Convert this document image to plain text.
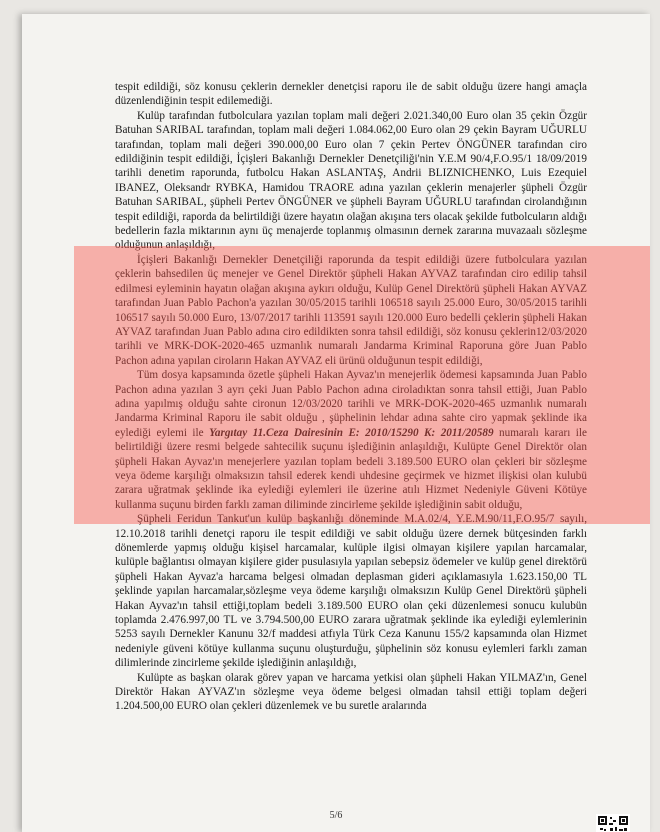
tespit edildiği, söz konusu çeklerin dernekler denetçisi raporu ile de sabit olduğu üzere hangi amaçla düzenlendiğinin tespit edilemediği.

Kulüp tarafından futbolculara yazılan toplam mali değeri 2.021.340,00 Euro olan 35 çekin Özgür Batuhan SARIBAL tarafından, toplam mali değeri 1.084.062,00 Euro olan 29 çekin Bayram UĞURLU tarafından, toplam mali değeri 390.000,00 Euro olan 7 çekin Pertev ÖNGÜNER tarafından ciro edildiğinin tespit edildiği, İçişleri Bakanlığı Dernekler Denetçiliği'nin Y.E.M 90/4,F.O.95/1 18/09/2019 tarihli denetim raporunda, futbolcu Hakan ASLANTAŞ, Andrii BLIZNICHENKO, Luis Ezequiel IBANEZ, Oleksandr RYBKA, Hamidou TRAORE adına yazılan çeklerin menajerler şüpheli Özgür Batuhan SARIBAL, şüpheli Pertev ÖNGÜNER ve şüpheli Bayram UĞURLU tarafından cirolandığının tespit edildiği, raporda da belirtildiği üzere hayatın olağan akışına ters olacak şekilde futbolcuların aldığı bedellerin fazla miktarının aynı üç menajerde toplanmış olmasının dernek zararına muvazaalı sözleşme olduğunun anlaşıldığı,

İçişleri Bakanlığı Dernekler Denetçiliği raporunda da tespit edildiği üzere futbolculara yazılan çeklerin bahsedilen üç menejer ve Genel Direktör şüpheli Hakan AYVAZ tarafından ciro edilip tahsil edilmesi eyleminin hayatın olağan akışına aykırı olduğu, Kulüp Genel Direktörü şüpheli Hakan AYVAZ tarafından Juan Pablo Pachon'a yazılan 30/05/2015 tarihli 106518 sayılı 25.000 Euro, 30/05/2015 tarihli 106517 sayılı 50.000 Euro, 13/07/2017 tarihli 113591 sayılı 120.000 Euro bedelli çeklerin şüpheli Hakan AYVAZ tarafından Juan Pablo adına ciro edildikten sonra tahsil edildiği, söz konusu çeklerin12/03/2020 tarihli ve MRK-DOK-2020-465 uzmanlık numaralı Jandarma Kriminal Raporuna göre Juan Pablo Pachon adına yapılan ciroların Hakan AYVAZ eli ürünü olduğunun tespit edildiği,

Tüm dosya kapsamında özetle şüpheli Hakan Ayvaz'ın menejerlik ödemesi kapsamında Juan Pablo Pachon adına yazılan 3 ayrı çeki Juan Pablo Pachon adına ciroladıktan sonra tahsil ettiği, Juan Pablo adına yapılmış olduğu sahte cironun 12/03/2020 tarihli ve MRK-DOK-2020-465 uzmanlık numaralı Jandarma Kriminal Raporu ile sabit olduğu , şüphelinin lehdar adına sahte ciro yapmak şeklinde ika eylediği eylemi ile Yargıtay 11.Ceza Dairesinin E: 2010/15290 K: 2011/20589 numaralı kararı ile belirtildiği üzere resmi belgede sahtecilik suçunu işlediğinin anlaşıldığı, Kulüpte Genel Direktör olan şüpheli Hakan Ayvaz'ın menejerlere yazılan toplam bedeli 3.189.500 EURO olan çekleri bir sözleşme veya ödeme karşılığı olmaksızın tahsil ederek kendi uhdesine geçirmek ve hizmet ilişkisi olan kulubü zarara uğratmak şeklinde ika eylediği eylemleri ile üzerine atılı Hizmet Nedeniyle Güveni Kötüye kullanma suçunu birden farklı zaman diliminde zincirleme şekilde işlediğinin sabit olduğu,

Şüpheli Feridun Tankut'un kulüp başkanlığı döneminde M.A.02/4, Y.E.M.90/11,F.O.95/7 sayılı, 12.10.2018 tarihli denetçi raporu ile tespit edildiği ve sabit olduğu üzere dernek bütçesinden farklı dönemlerde yapmış olduğu kişisel harcamalar, kulüple ilgisi olmayan kişilere yapılan harcamalar, kulüple bağlantısı olmayan kişilere gider pusulasıyla yapılan sebepsiz ödemeler ve kulüp genel direktörü şüpheli Hakan Ayvaz'a harcama belgesi olmadan deplasman gideri açıklamasıyla 1.623.150,00 TL şeklinde yapılan harcamalar,sözleşme veya ödeme karşılığı olmaksızın Kulüp Genel Direktörü şüpheli Hakan Ayvaz'ın tahsil ettiği,toplam bedeli 3.189.500 EURO olan çeki düzenlemesi sonucu kulubün toplamda 2.476.997,00 TL ve 3.794.500,00 EURO zarara uğratmak şeklinde ika eylediği eylemlerinin 5253 sayılı Dernekler Kanunu 32/f maddesi atfıyla Türk Ceza Kanunu 155/2 kapsamında olan Hizmet nedeniyle güveni kötüye kullanma suçunu oluşturduğu, şüphelinin söz konusu eylemleri farklı zaman dilimlerinde zincirleme şekilde işlediğinin anlaşıldığı,

Kulüpte as başkan olarak görev yapan ve harcama yetkisi olan şüpheli Hakan YILMAZ'ın, Genel Direktör Hakan AYVAZ'ın sözleşme veya ödeme belgesi olmadan tahsil ettiği toplam değeri 1.204.500,00 EURO olan çekleri düzenlemek ve bu suretle aralarında

5/6
